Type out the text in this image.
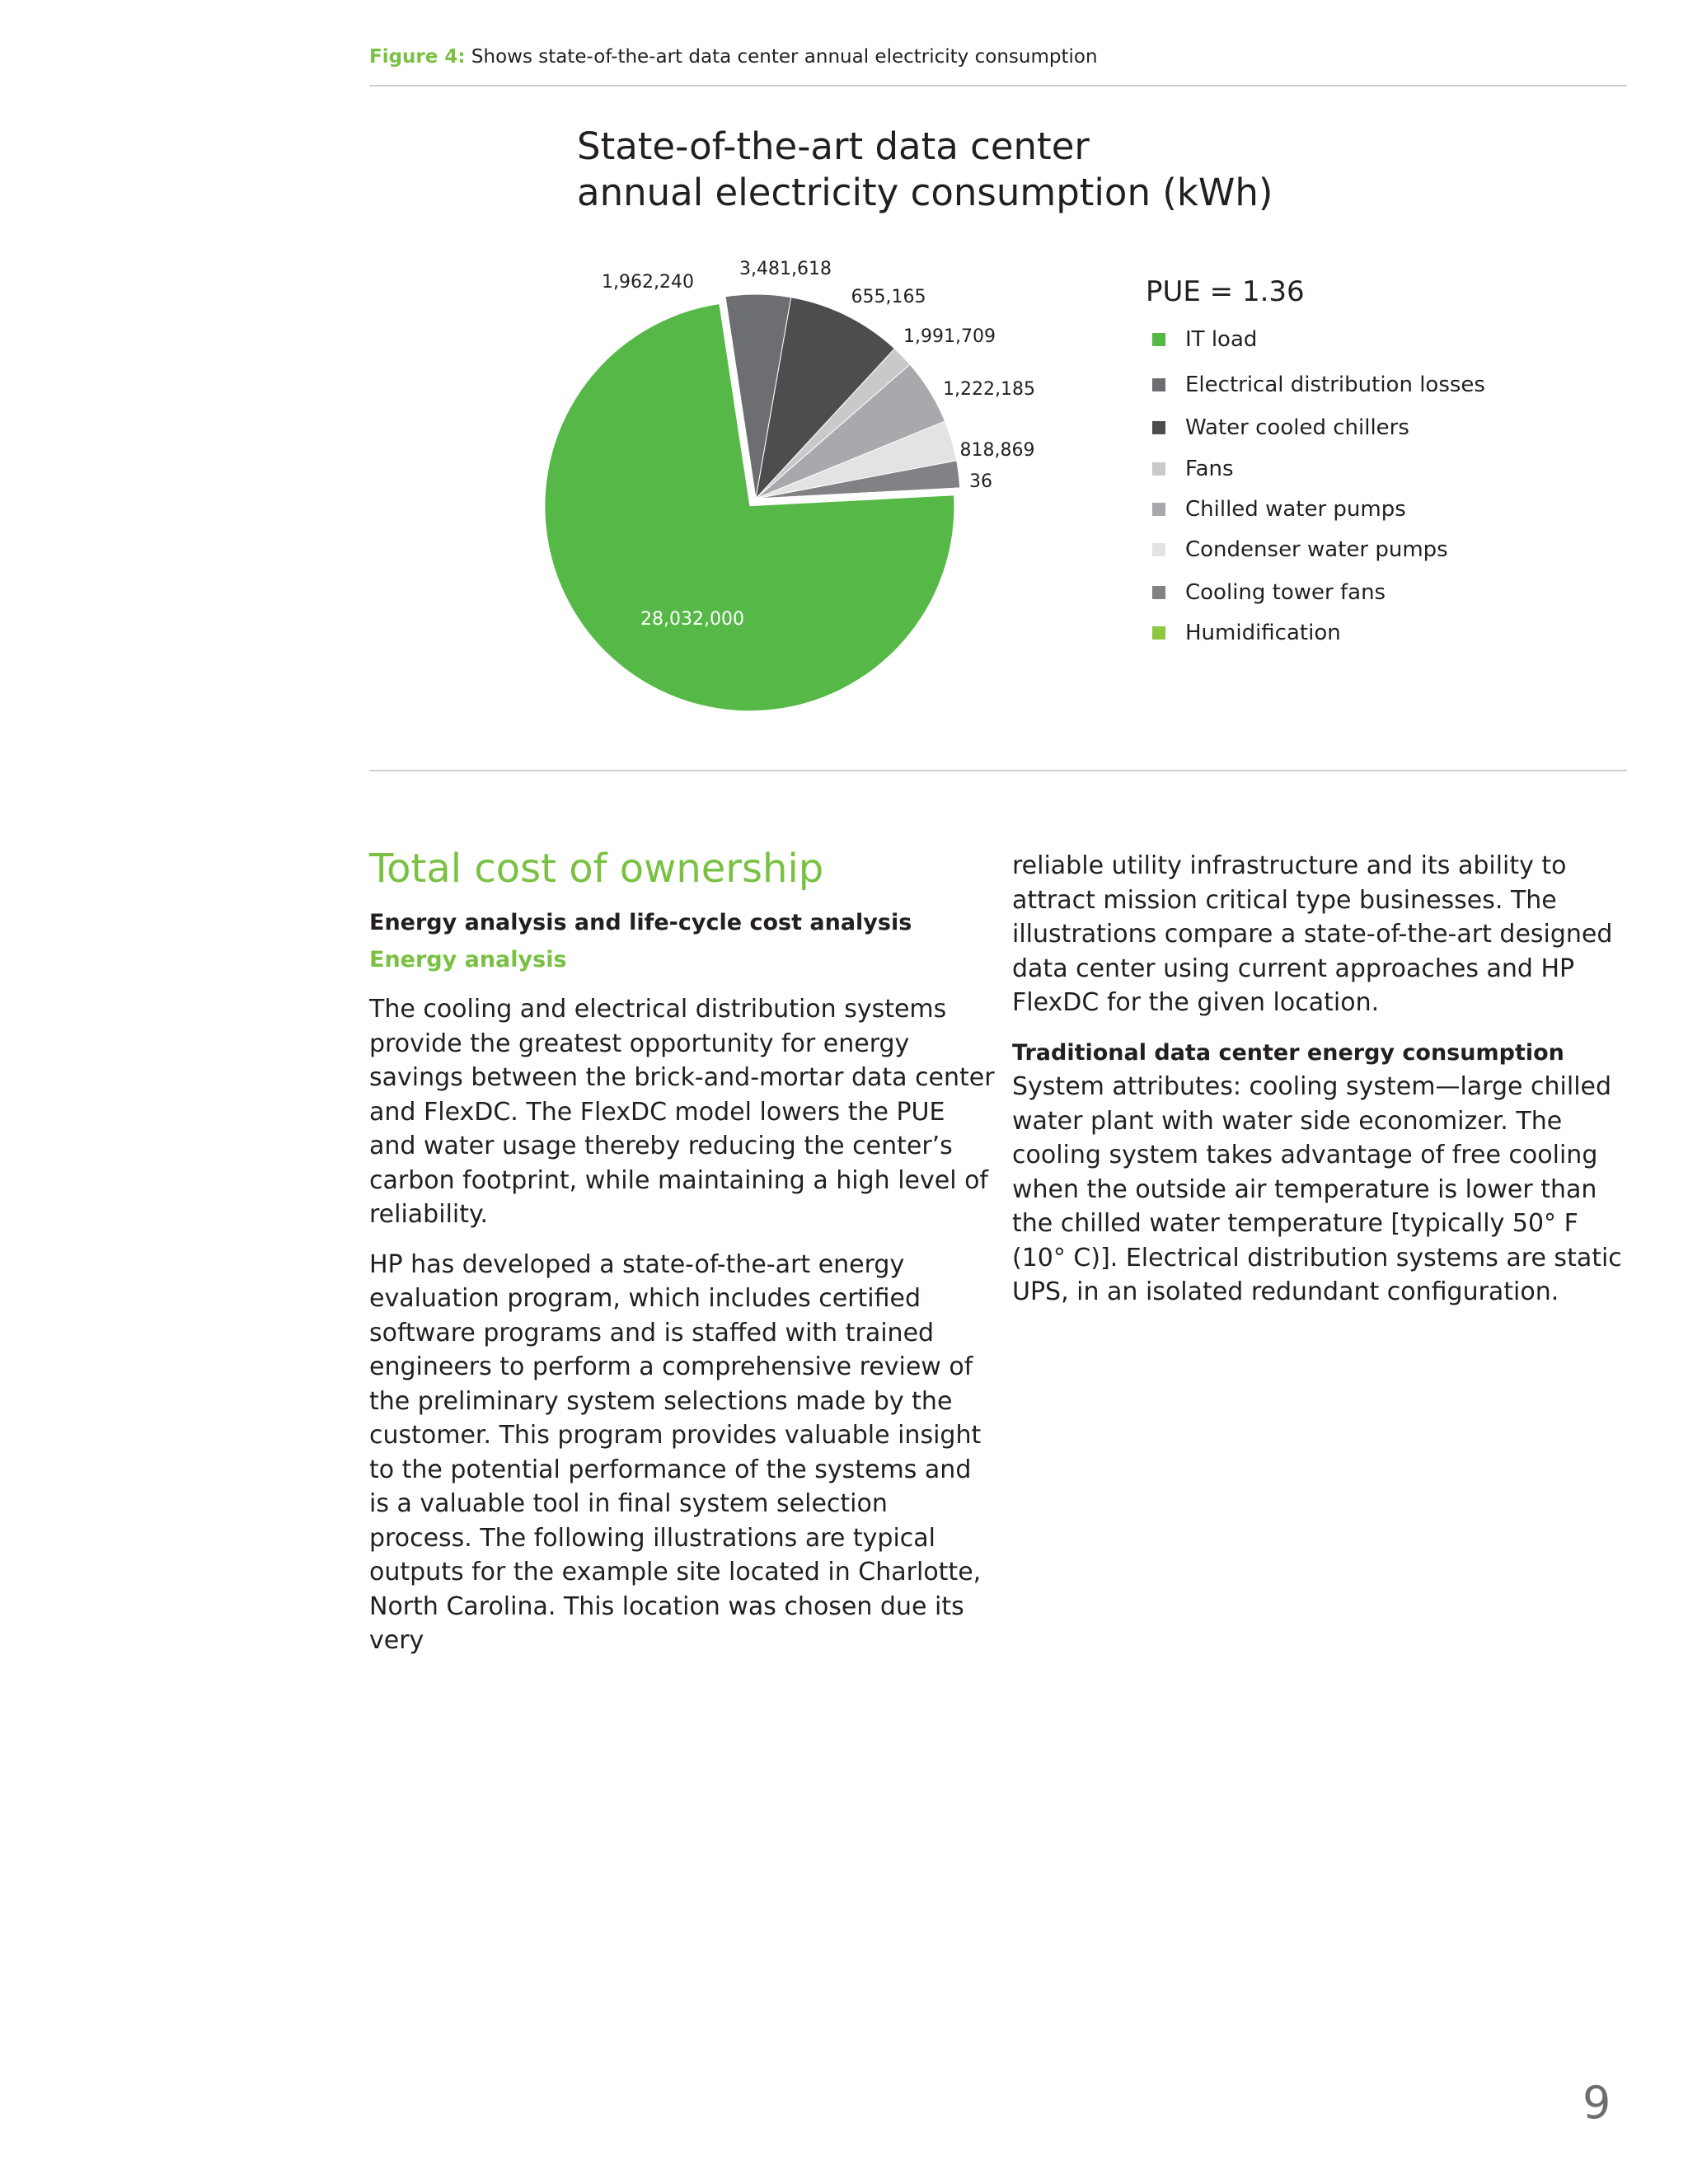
Figure 4: Shows state-of-the-art data center annual electricity consumption
State-of-the-art data center
annual electricity consumption (kWh)
28,032,000
1,962,240
3,481,618
655,165
1,991,709
1,222,185
818,869
36
PUE = 1.36
IT load
Electrical distribution losses
Water cooled chillers
Fans
Chilled water pumps
Condenser water pumps
Cooling tower fans
Humidification
Total cost of ownership
Energy analysis and life-cycle cost analysis
Energy analysis

The cooling and electrical distribution systems provide the greatest opportunity for energy savings between the brick-and-mortar data center and FlexDC. The FlexDC model lowers the PUE and water usage thereby reducing the center’s carbon footprint, while maintaining a high level of reliability.

HP has developed a state-of-the-art energy evaluation program, which includes certified software programs and is staffed with trained engineers to perform a comprehensive review of the preliminary system selections made by the customer. This program provides valuable insight to the potential performance of the systems and is a valuable tool in final system selection process. The following illustrations are typical outputs for the example site located in Charlotte, North Carolina. This location was chosen due its very

reliable utility infrastructure and its ability to attract mission critical type businesses. The illustrations compare a state-of-the-art designed data center using current approaches and HP FlexDC for the given location.

Traditional data center energy consumption
System attributes: cooling system—large chilled water plant with water side economizer. The cooling system takes advantage of free cooling when the outside air temperature is lower than the chilled water temperature [typically 50° F (10° C)]. Electrical distribution systems are static UPS, in an isolated redundant configuration.

9
